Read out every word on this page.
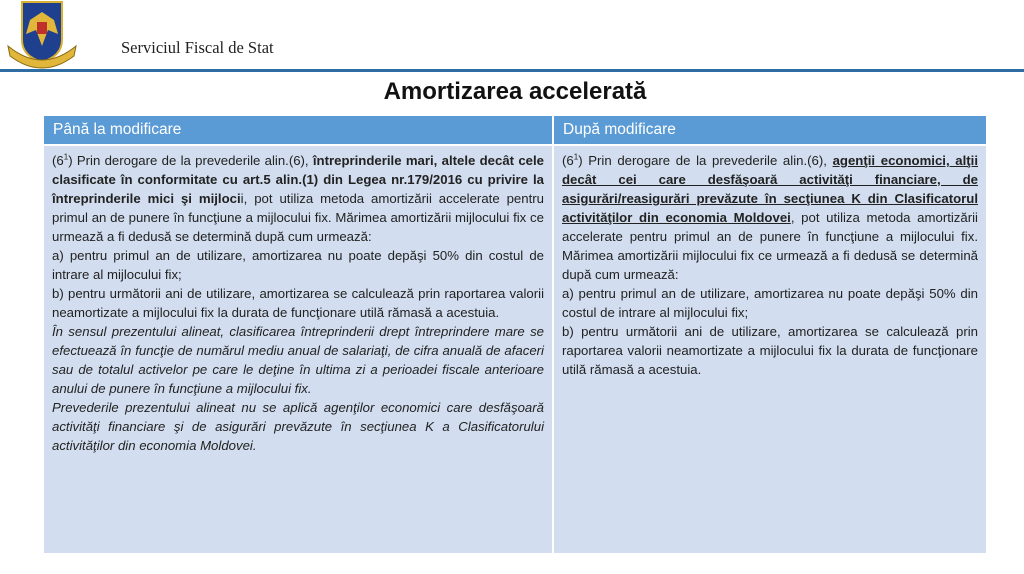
Serviciul Fiscal de Stat
Amortizarea accelerată
Până la modificare	După modificare

$(6^1)$ Prin derogare de la prevederile alin.(6), întreprinderile mari, altele decât cele clasificate în conformitate cu art.5 alin.(1) din Legea nr.179/2016 cu privire la întreprinderile mici şi mijlocii, pot utiliza metoda amortizării accelerate pentru primul an de punere în funcţiune a mijlocului fix. Mărimea amortizării mijlocului fix ce urmează a fi dedusă se determină după cum urmează:

a) pentru primul an de utilizare, amortizarea nu poate depăşi 50% din costul de intrare al mijlocului fix;

b) pentru următorii ani de utilizare, amortizarea se calculează prin raportarea valorii neamortizate a mijlocului fix la durata de funcţionare utilă rămasă a acestuia.

În sensul prezentului alineat, clasificarea întreprinderii drept întreprindere mare se efectuează în funcţie de numărul mediu anual de salariaţi, de cifra anuală de afaceri sau de totalul activelor pe care le deţine în ultima zi a perioadei fiscale anterioare anului de punere în funcţiune a mijlocului fix.

Prevederile prezentului alineat nu se aplică agenţilor economici care desfăşoară activităţi financiare şi de asigurări prevăzute în secţiunea K a Clasificatorului activităţilor din economia Moldovei.

$(6^1)$ Prin derogare de la prevederile alin.(6), agenţii economici, alţii decât cei care desfăşoară activităţi financiare, de asigurări/reasigurări prevăzute în secţiunea K din Clasificatorul activităţilor din economia Moldovei, pot utiliza metoda amortizării accelerate pentru primul an de punere în funcţiune a mijlocului fix. Mărimea amortizării mijlocului fix ce urmează a fi dedusă se determină după cum urmează:

a) pentru primul an de utilizare, amortizarea nu poate depăşi 50% din costul de intrare al mijlocului fix;

b) pentru următorii ani de utilizare, amortizarea se calculează prin raportarea valorii neamortizate a mijlocului fix la durata de funcţionare utilă rămasă a acestuia.
